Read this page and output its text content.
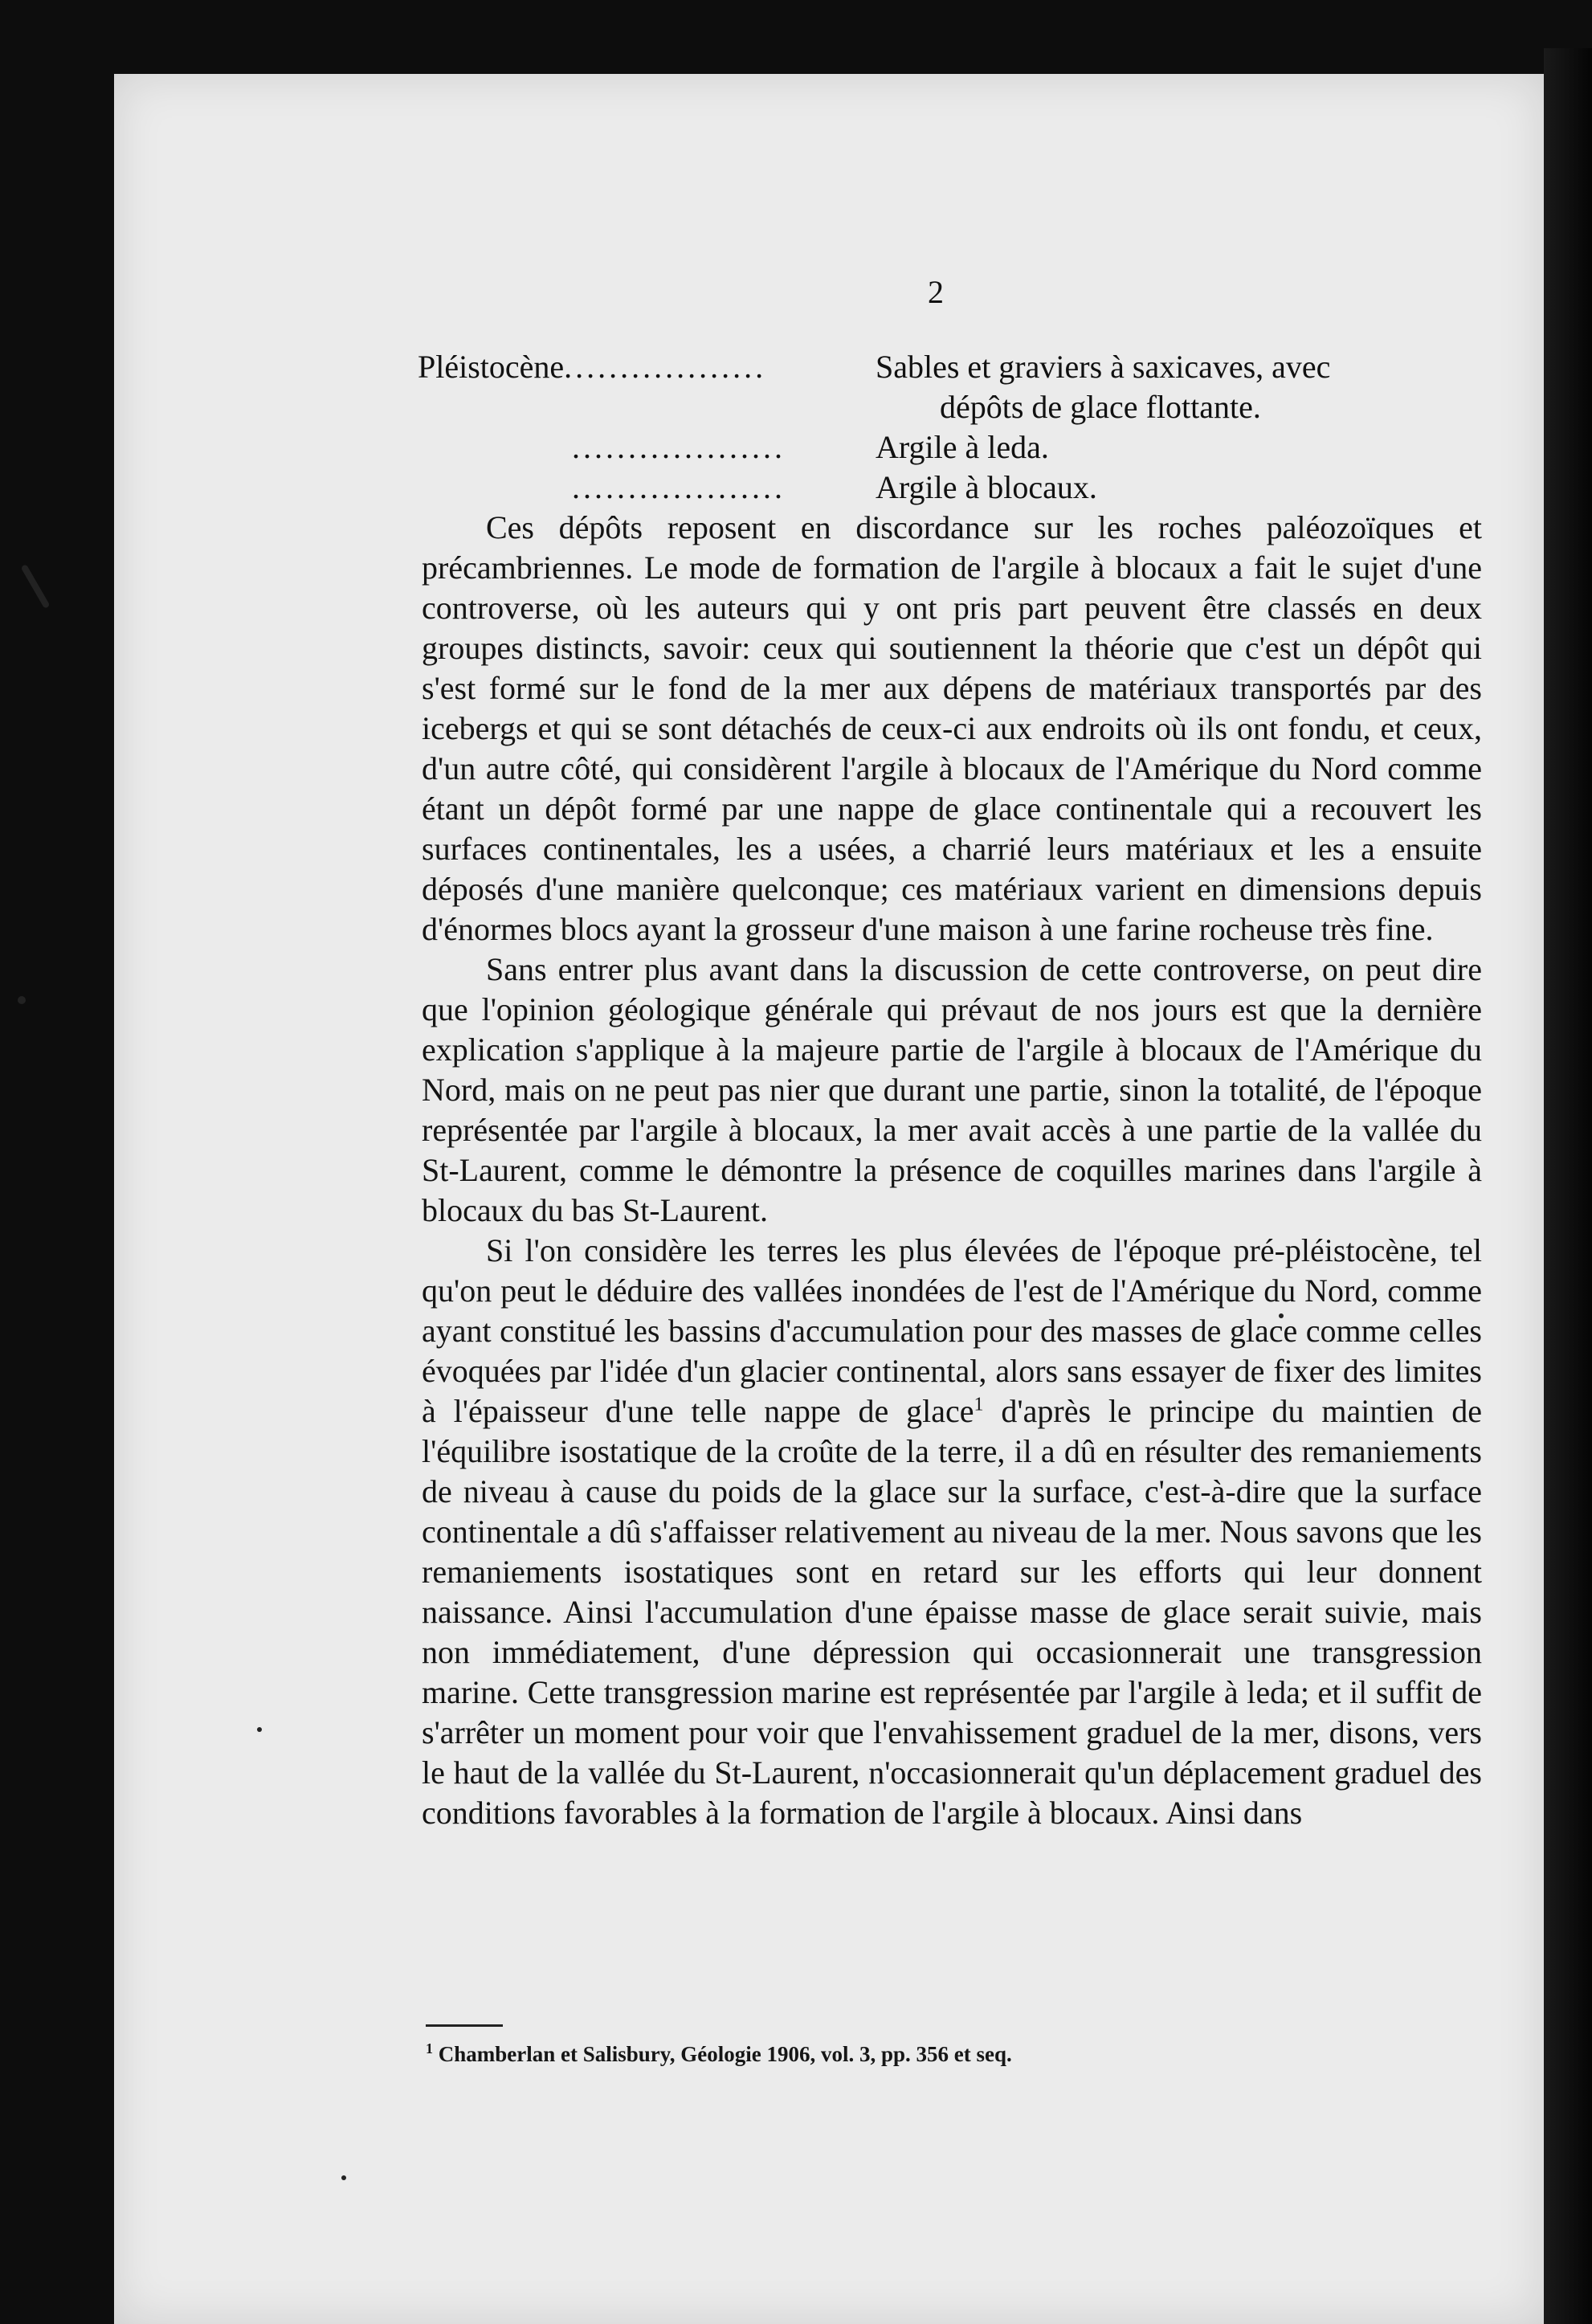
2
Pléistocène..................	Sables et graviers à saxicaves, avec
dépôts de glace flottante.
...................	Argile à leda.
...................	Argile à blocaux.

Ces dépôts reposent en discordance sur les roches paléozoïques et précambriennes. Le mode de formation de l'argile à blocaux a fait le sujet d'une controverse, où les auteurs qui y ont pris part peuvent être classés en deux groupes distincts, savoir: ceux qui soutiennent la théorie que c'est un dépôt qui s'est formé sur le fond de la mer aux dépens de matériaux transportés par des icebergs et qui se sont détachés de ceux-ci aux endroits où ils ont fondu, et ceux, d'un autre côté, qui considèrent l'argile à blocaux de l'Amérique du Nord comme étant un dépôt formé par une nappe de glace continentale qui a recouvert les surfaces continentales, les a usées, a charrié leurs matériaux et les a ensuite déposés d'une manière quelconque; ces matériaux varient en dimensions depuis d'énormes blocs ayant la grosseur d'une maison à une farine rocheuse très fine.

Sans entrer plus avant dans la discussion de cette controverse, on peut dire que l'opinion géologique générale qui prévaut de nos jours est que la dernière explication s'applique à la majeure partie de l'argile à blocaux de l'Amérique du Nord, mais on ne peut pas nier que durant une partie, sinon la totalité, de l'époque représentée par l'argile à blocaux, la mer avait accès à une partie de la vallée du St-Laurent, comme le démontre la présence de coquilles marines dans l'argile à blocaux du bas St-Laurent.

Si l'on considère les terres les plus élevées de l'époque pré-pléistocène, tel qu'on peut le déduire des vallées inondées de l'est de l'Amérique du Nord, comme ayant constitué les bassins d'accumulation pour des masses de glace comme celles évoquées par l'idée d'un glacier continental, alors sans essayer de fixer des limites à l'épaisseur d'une telle nappe de glace$^1$ d'après le principe du maintien de l'équilibre isostatique de la croûte de la terre, il a dû en résulter des remaniements de niveau à cause du poids de la glace sur la surface, c'est-à-dire que la surface continentale a dû s'affaisser relativement au niveau de la mer. Nous savons que les remaniements isostatiques sont en retard sur les efforts qui leur donnent naissance. Ainsi l'accumulation d'une épaisse masse de glace serait suivie, mais non immédiatement, d'une dépression qui occasionnerait une transgression marine. Cette transgression marine est représentée par l'argile à leda; et il suffit de s'arrêter un moment pour voir que l'envahissement graduel de la mer, disons, vers le haut de la vallée du St-Laurent, n'occasionnerait qu'un déplacement graduel des conditions favorables à la formation de l'argile à blocaux. Ainsi dans

$^1$ Chamberlan et Salisbury, Géologie 1906, vol. 3, pp. 356 et seq.
